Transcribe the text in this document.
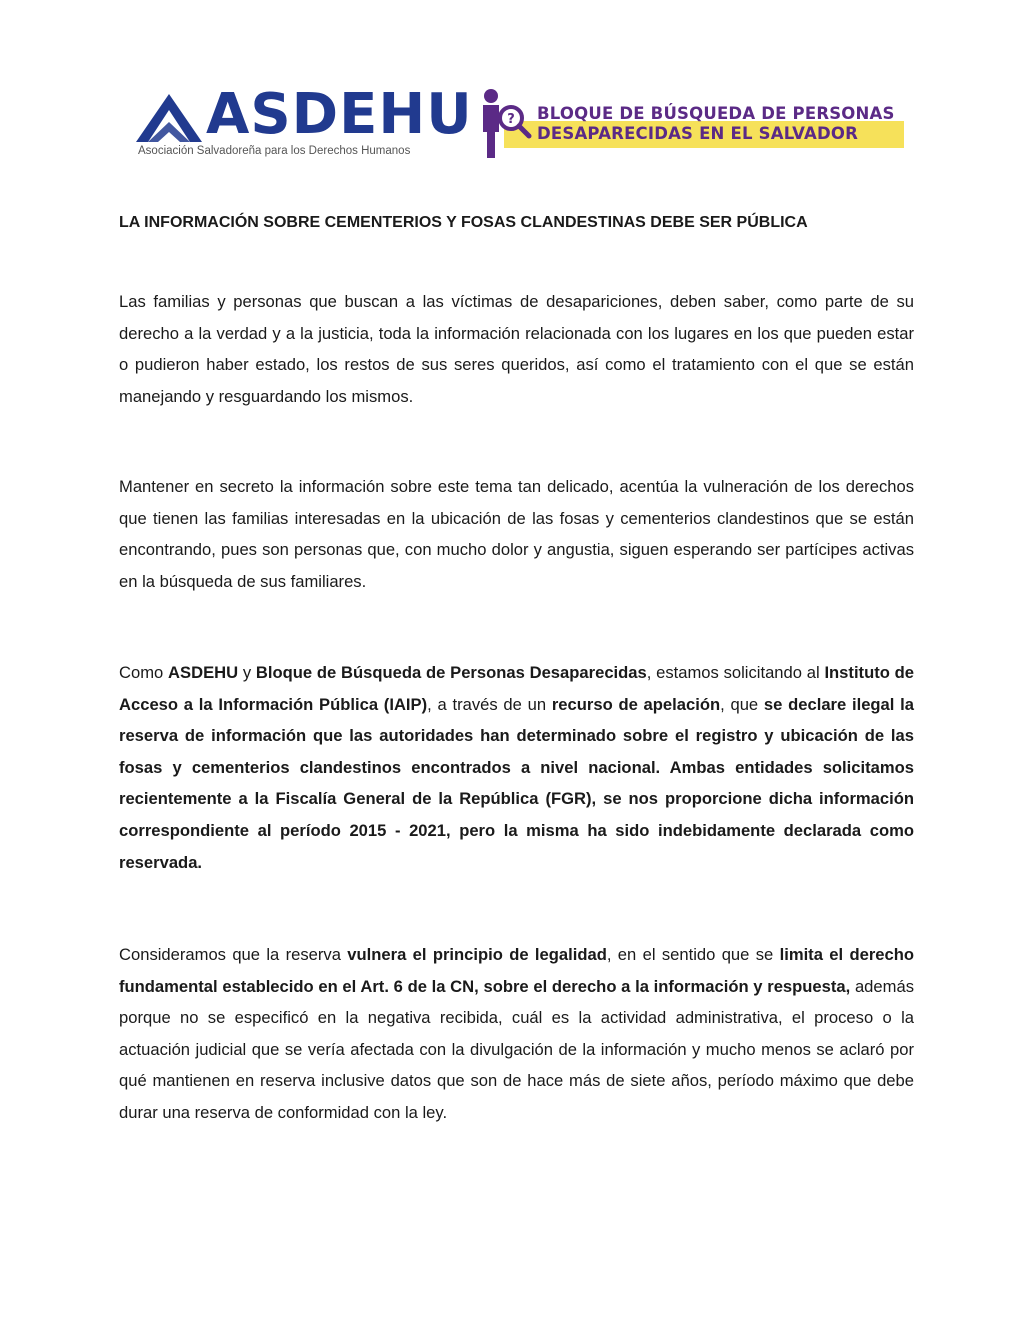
ASDEHU
Asociación Salvadoreña para los Derechos Humanos
? BLOQUE DE BÚSQUEDA DE PERSONAS
DESAPARECIDAS EN EL SALVADOR
LA INFORMACIÓN SOBRE CEMENTERIOS Y FOSAS CLANDESTINAS DEBE SER PÚBLICA

Las familias y personas que buscan a las víctimas de desapariciones, deben saber, como parte de su derecho a la verdad y a la justicia, toda la información relacionada con los lugares en los que pueden estar o pudieron haber estado, los restos de sus seres queridos, así como el tratamiento con el que se están manejando y resguardando los mismos.

Mantener en secreto la información sobre este tema tan delicado, acentúa la vulneración de los derechos que tienen las familias interesadas en la ubicación de las fosas y cementerios clandestinos que se están encontrando, pues son personas que, con mucho dolor y angustia, siguen esperando ser partícipes activas en la búsqueda de sus familiares.

Como ASDEHU y Bloque de Búsqueda de Personas Desaparecidas, estamos solicitando al Instituto de Acceso a la Información Pública (IAIP), a través de un recurso de apelación, que se declare ilegal la reserva de información que las autoridades han determinado sobre el registro y ubicación de las fosas y cementerios clandestinos encontrados a nivel nacional. Ambas entidades solicitamos recientemente a la Fiscalía General de la República (FGR), se nos proporcione dicha información correspondiente al período 2015 - 2021, pero la misma ha sido indebidamente declarada como reservada.

Consideramos que la reserva vulnera el principio de legalidad, en el sentido que se limita el derecho fundamental establecido en el Art. 6 de la CN, sobre el derecho a la información y respuesta, además porque no se especificó en la negativa recibida, cuál es la actividad administrativa, el proceso o la actuación judicial que se vería afectada con la divulgación de la información y mucho menos se aclaró por qué mantienen en reserva inclusive datos que son de hace más de siete años, período máximo que debe durar una reserva de conformidad con la ley.
